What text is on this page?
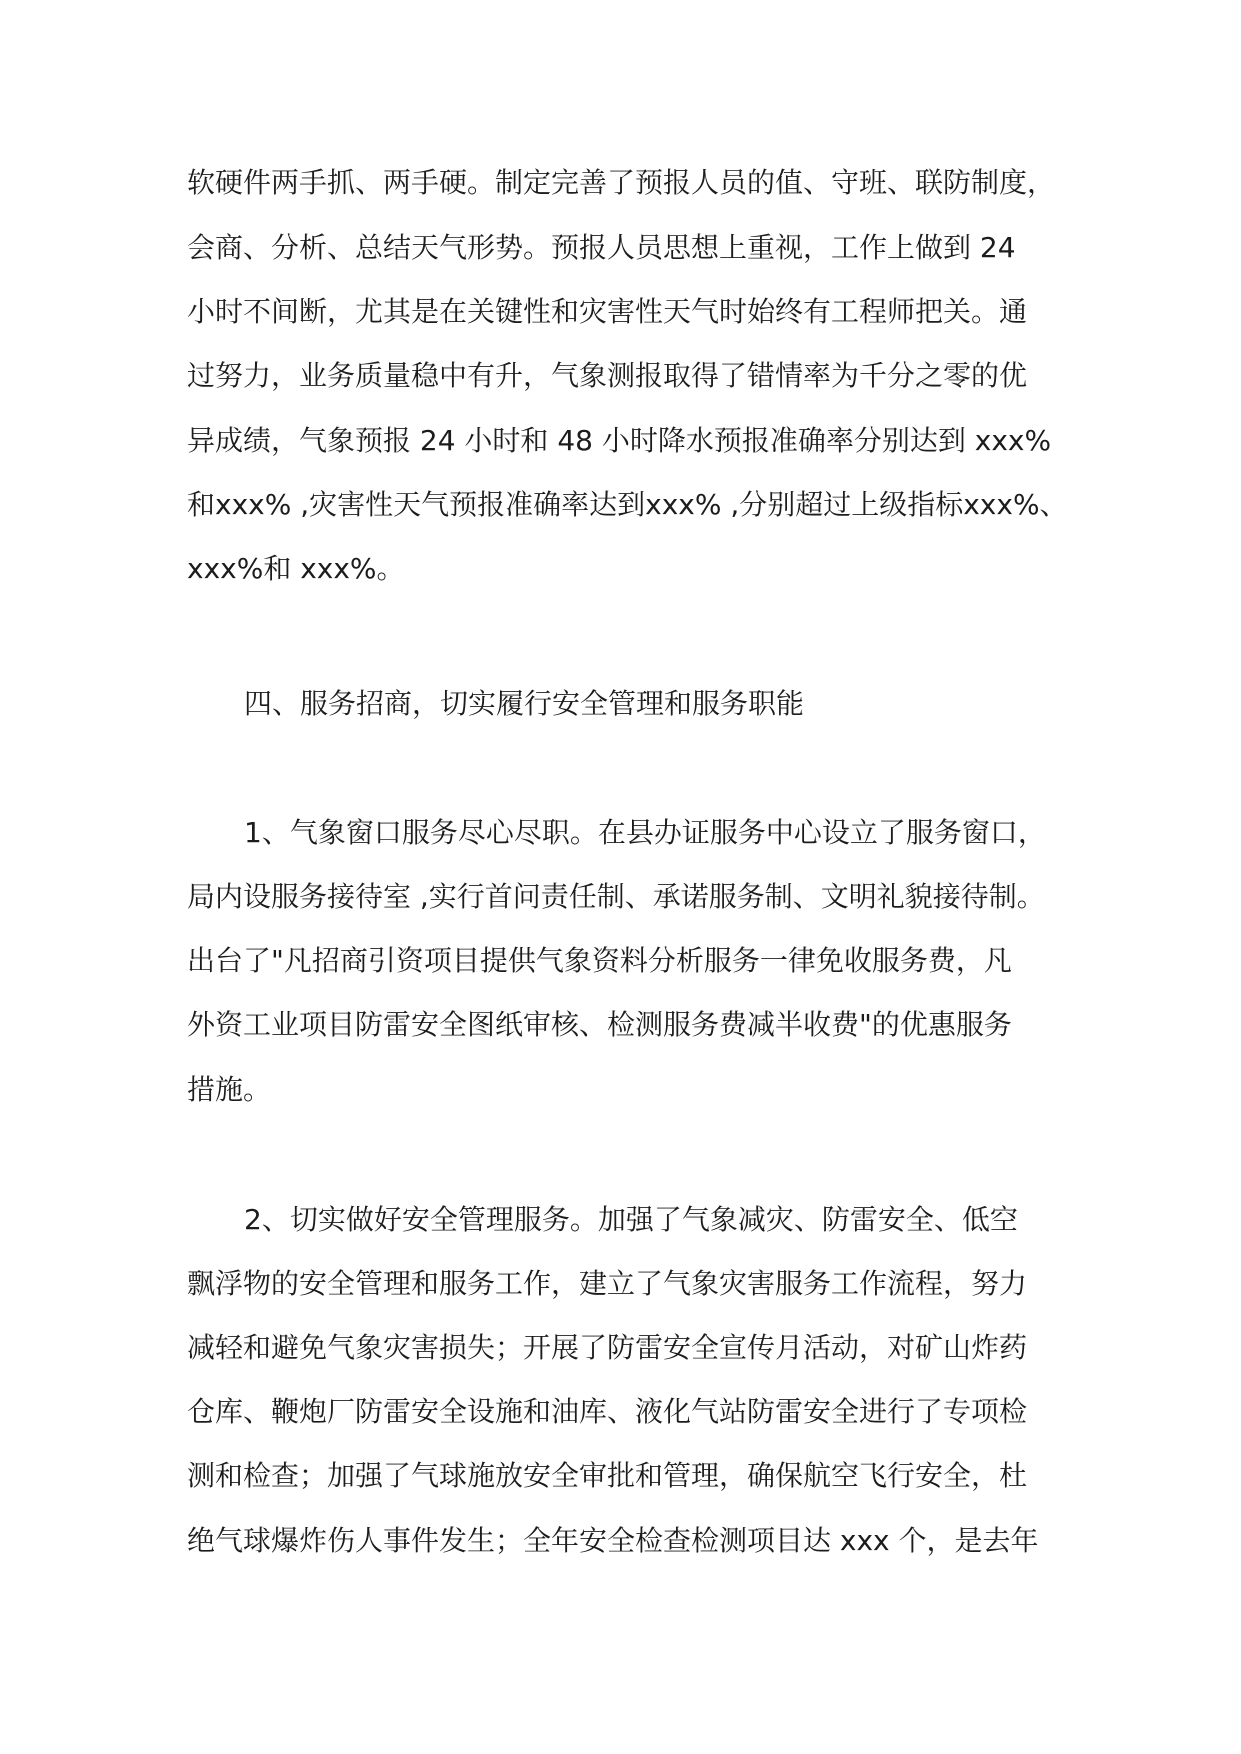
软硬件两手抓、两手硬。制定完善了预报人员的值、守班、联防制度，

会商、分析、总结天气形势。预报人员思想上重视，工作上做到 24

小时不间断，尤其是在关键性和灾害性天气时始终有工程师把关。通

过努力，业务质量稳中有升，气象测报取得了错情率为千分之零的优

异成绩，气象预报 24 小时和 48 小时降水预报准确率分别达到 xxx%

和xxx% ,灾害性天气预报准确率达到xxx% ,分别超过上级指标xxx%、

xxx%和 xxx%。

四、服务招商，切实履行安全管理和服务职能

1、气象窗口服务尽心尽职。在县办证服务中心设立了服务窗口，

局内设服务接待室 ,实行首问责任制、承诺服务制、文明礼貌接待制。

出台了"凡招商引资项目提供气象资料分析服务一律免收服务费，凡

外资工业项目防雷安全图纸审核、检测服务费减半收费"的优惠服务

措施。

2、切实做好安全管理服务。加强了气象减灾、防雷安全、低空

飘浮物的安全管理和服务工作，建立了气象灾害服务工作流程，努力

减轻和避免气象灾害损失；开展了防雷安全宣传月活动，对矿山炸药

仓库、鞭炮厂防雷安全设施和油库、液化气站防雷安全进行了专项检

测和检查；加强了气球施放安全审批和管理，确保航空飞行安全，杜

绝气球爆炸伤人事件发生；全年安全检查检测项目达 xxx 个，是去年
